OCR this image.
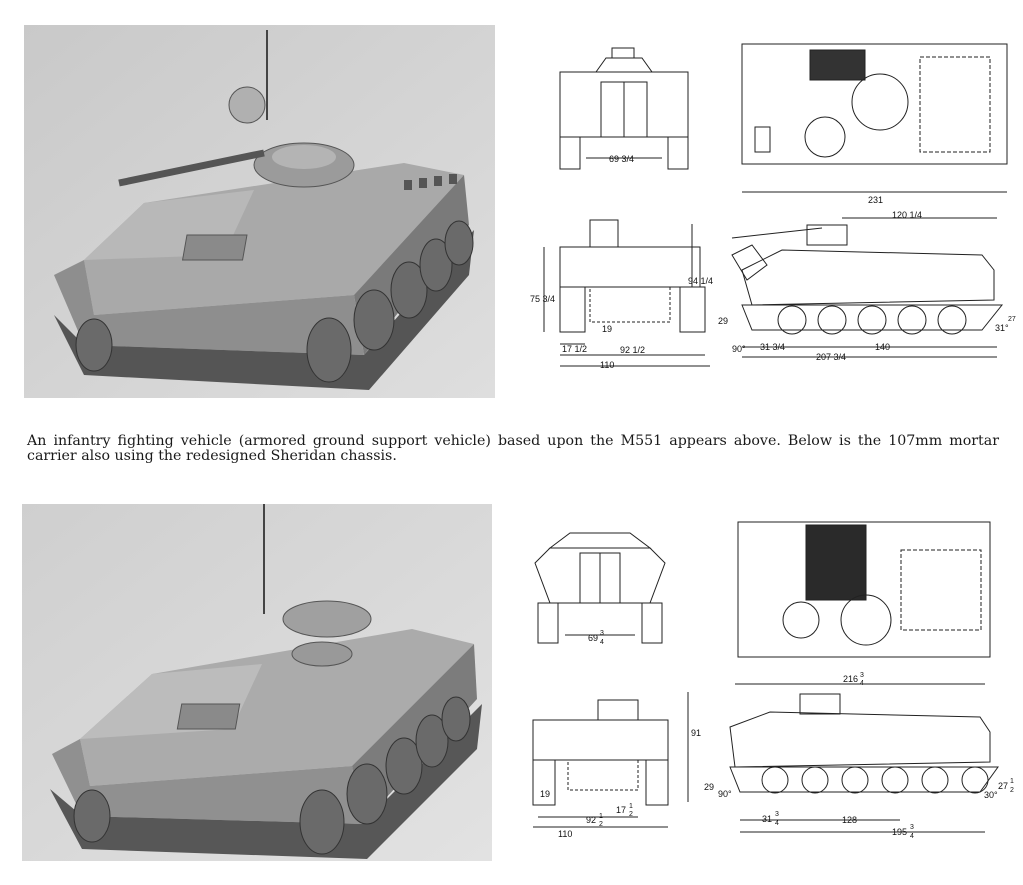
69 3/4
231
75 3/4
94 1/4
19
17 1/2	92 1/2
110
120 1/4
29
90° 31 3/4	140
207 3/4
31°
27
An infantry fighting vehicle (armored ground support vehicle) based upon the M551 appears above. Below is the 107mm mortar carrier also using the redesigned Sheridan chassis.
69 3
4
91
19
92 1
2
17 1
2
110
216 3
4
29
90°
31 3
4	128
195 3
4
30°
27 1
2
